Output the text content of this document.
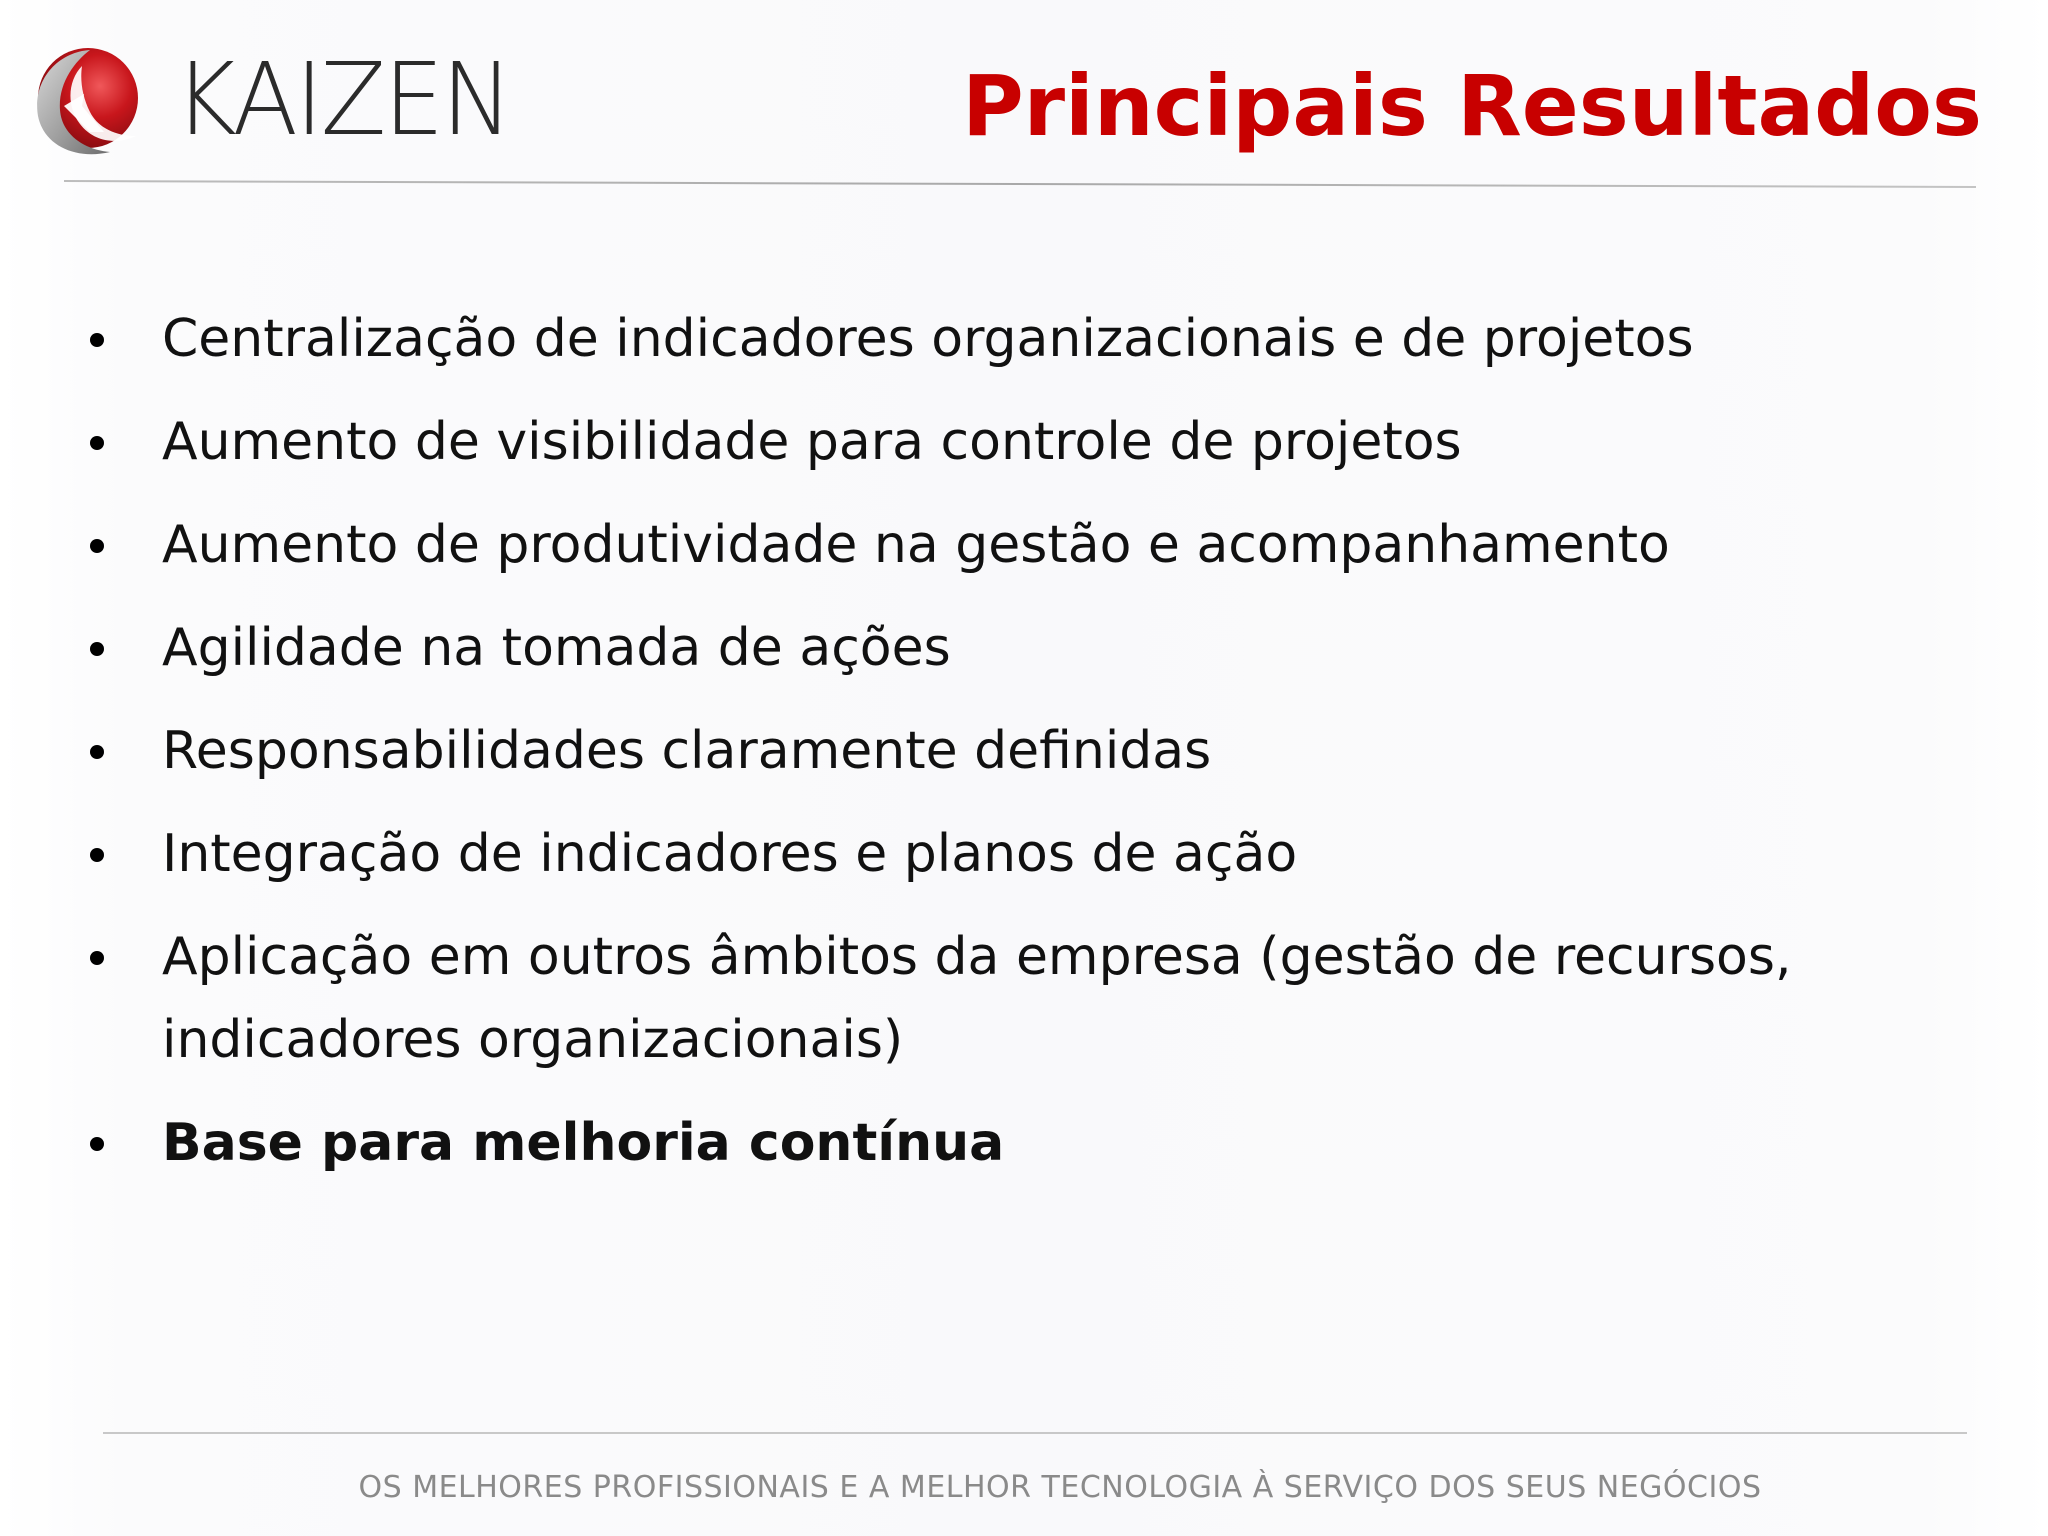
KAIZEN	Principais Resultados
Centralização de indicadores organizacionais e de projetos
Aumento de visibilidade para controle de projetos
Aumento de produtividade na gestão e acompanhamento
Agilidade na tomada de ações
Responsabilidades claramente definidas
Integração de indicadores e planos de ação
Aplicação em outros âmbitos da empresa (gestão de recursos, indicadores organizacionais)
Base para melhoria contínua
OS MELHORES PROFISSIONAIS E A MELHOR TECNOLOGIA À SERVIÇO DOS SEUS NEGÓCIOS
